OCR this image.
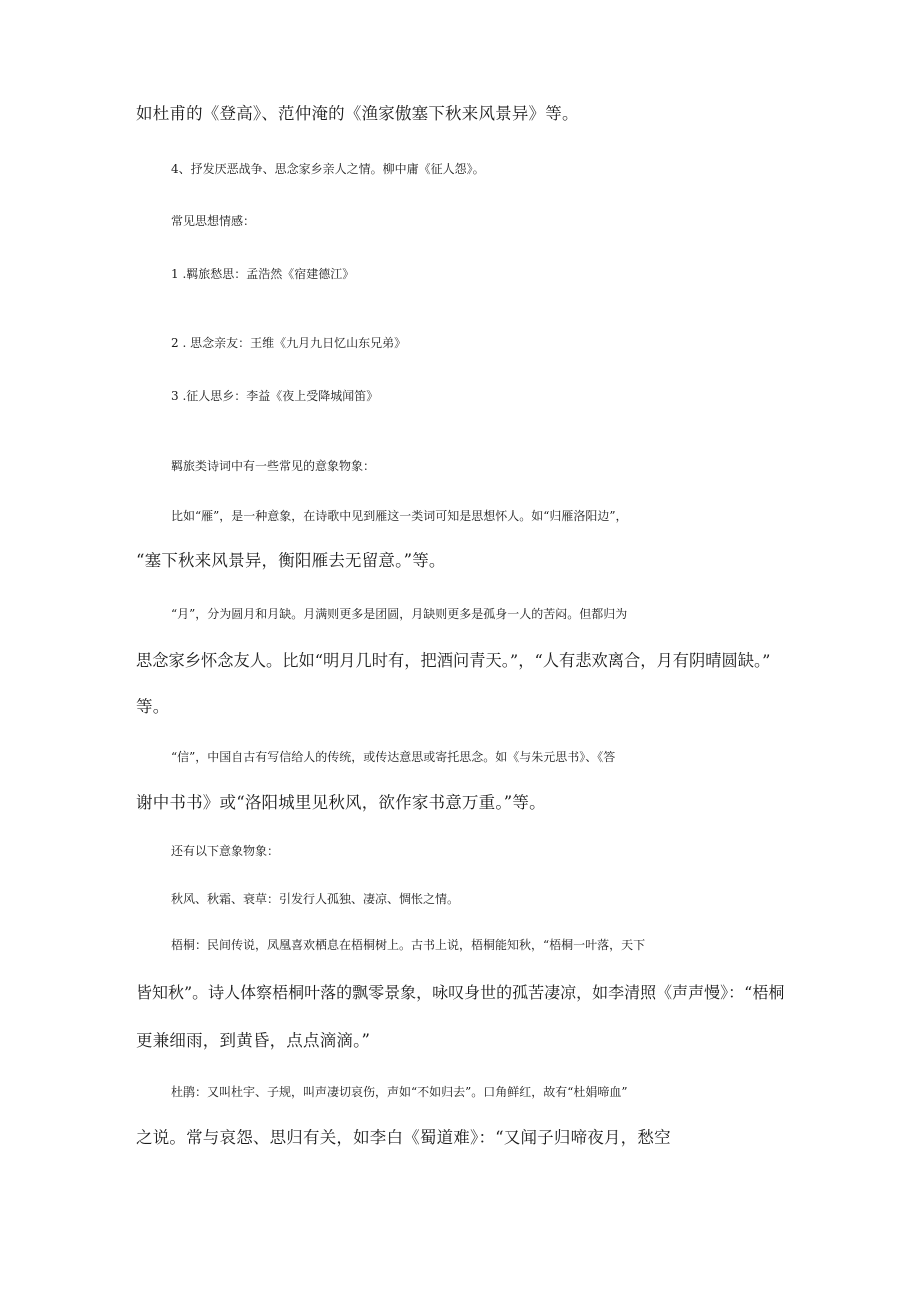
如杜甫的《登高》、范仲淹的《渔家傲塞下秋来风景异》等。
4、抒发厌恶战争、思念家乡亲人之情。柳中庸《征人怨》。
常见思想情感：
1 .羁旅愁思：孟浩然《宿建德江》
2 . 思念亲友：王维《九月九日忆山东兄弟》
3 .征人思乡：李益《夜上受降城闻笛》
羁旅类诗词中有一些常见的意象物象：
比如“雁”，是一种意象，在诗歌中见到雁这一类词可知是思想怀人。如“归雁洛阳边”，
“塞下秋来风景异，衡阳雁去无留意。”等。
“月”，分为圆月和月缺。月满则更多是团圆，月缺则更多是孤身一人的苦闷。但都归为
思念家乡怀念友人。比如“明月几时有，把酒问青天。”，“人有悲欢离合，月有阴晴圆缺。”
等。
“信”，中国自古有写信给人的传统，或传达意思或寄托思念。如《与朱元思书》、《答
谢中书书》或“洛阳城里见秋风，欲作家书意万重。”等。
还有以下意象物象：
秋风、秋霜、衰草：引发行人孤独、凄凉、惆怅之情。
梧桐：民间传说，凤凰喜欢栖息在梧桐树上。古书上说，梧桐能知秋，“梧桐一叶落，天下
皆知秋”。诗人体察梧桐叶落的飘零景象，咏叹身世的孤苦凄凉，如李清照《声声慢》：“梧桐
更兼细雨，到黄昏，点点滴滴。”
杜鹃：又叫杜宇、子规，叫声凄切哀伤，声如“不如归去”。口角鲜红，故有“杜娟啼血”
之说。常与哀怨、思归有关，如李白《蜀道难》：“又闻子归啼夜月，愁空
